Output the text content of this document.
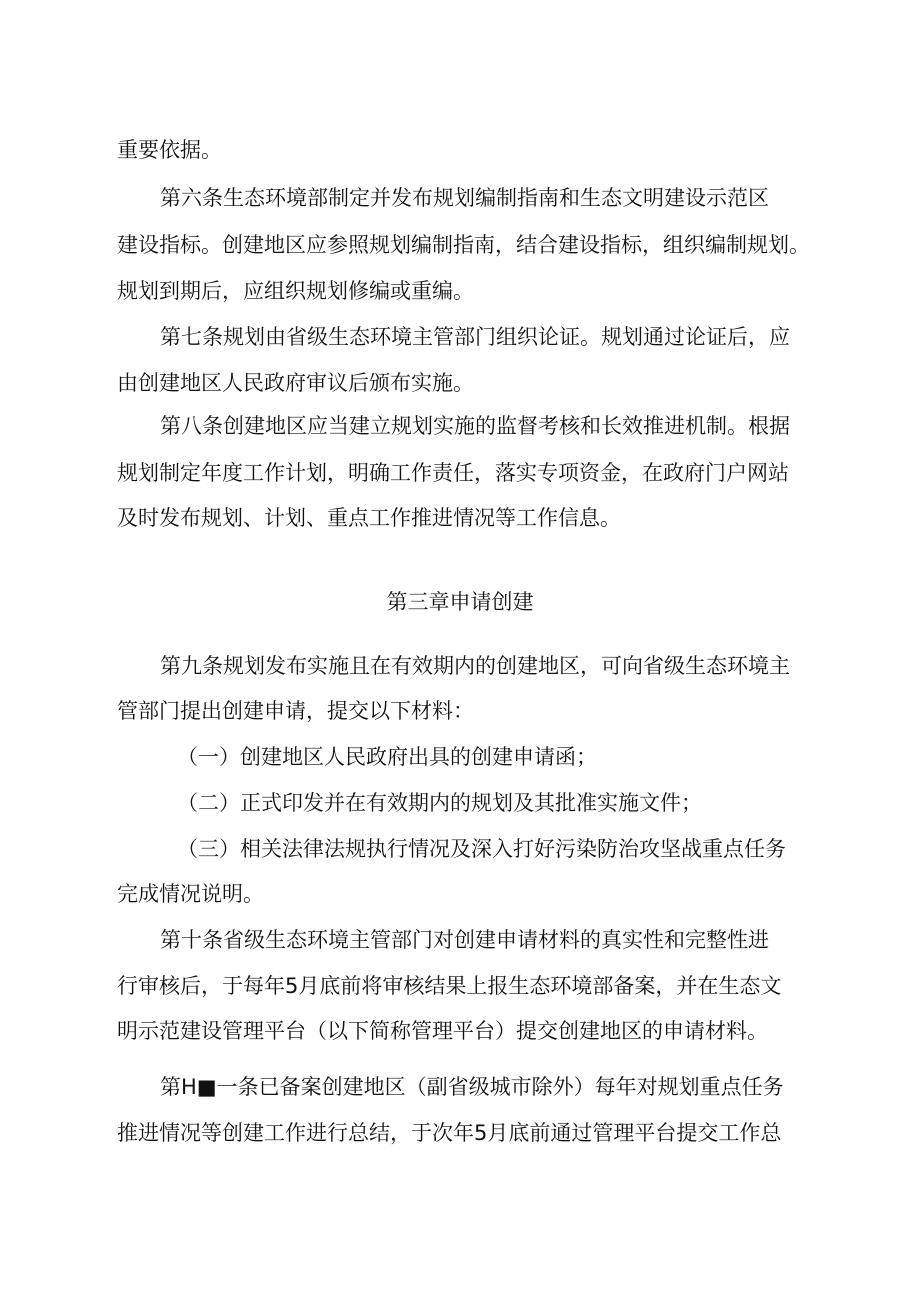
重要依据。
第六条生态环境部制定并发布规划编制指南和生态文明建设示范区
建设指标。创建地区应参照规划编制指南，结合建设指标，组织编制规划。
规划到期后，应组织规划修编或重编。
第七条规划由省级生态环境主管部门组织论证。规划通过论证后，应
由创建地区人民政府审议后颁布实施。
第八条创建地区应当建立规划实施的监督考核和长效推进机制。根据
规划制定年度工作计划，明确工作责任，落实专项资金，在政府门户网站
及时发布规划、计划、重点工作推进情况等工作信息。
第三章申请创建
第九条规划发布实施且在有效期内的创建地区，可向省级生态环境主
管部门提出创建申请，提交以下材料：
（一）创建地区人民政府出具的创建申请函；
（二）正式印发并在有效期内的规划及其批准实施文件；
（三）相关法律法规执行情况及深入打好污染防治攻坚战重点任务
完成情况说明。
第十条省级生态环境主管部门对创建申请材料的真实性和完整性进
行审核后，于每年5月底前将审核结果上报生态环境部备案，并在生态文
明示范建设管理平台（以下简称管理平台）提交创建地区的申请材料。
第H■一条已备案创建地区（副省级城市除外）每年对规划重点任务
推进情况等创建工作进行总结，于次年5月底前通过管理平台提交工作总
